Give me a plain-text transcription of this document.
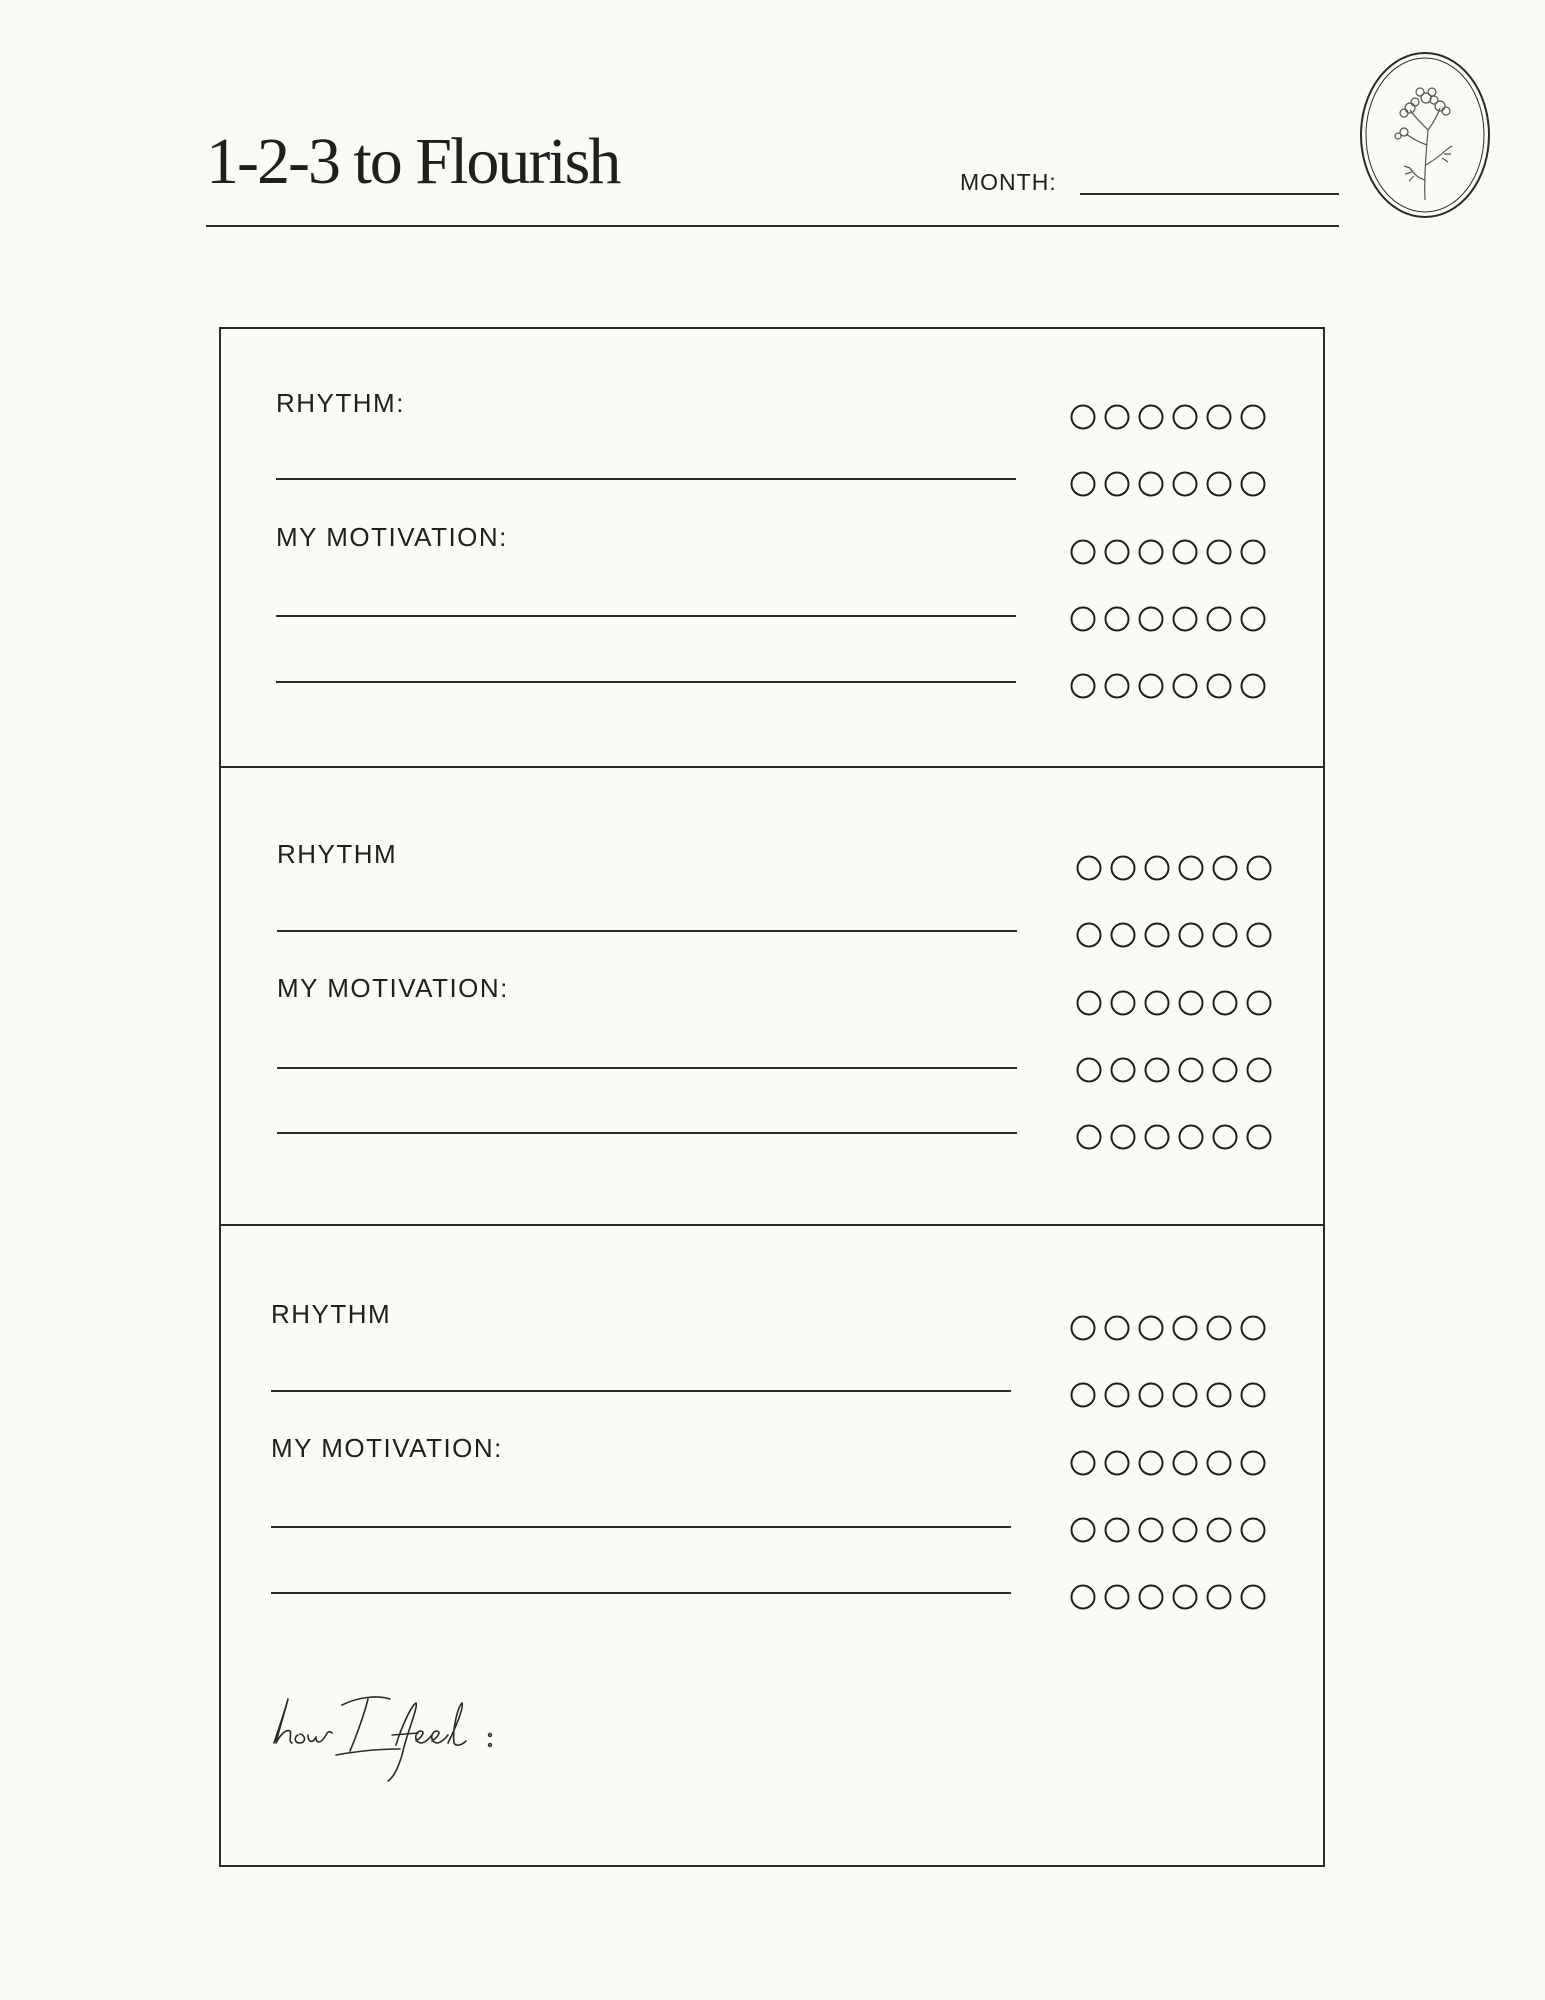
1-2-3 to Flourish	MONTH:
RHYTHM:
MY MOTIVATION:
RHYTHM
MY MOTIVATION:
RHYTHM
MY MOTIVATION:
